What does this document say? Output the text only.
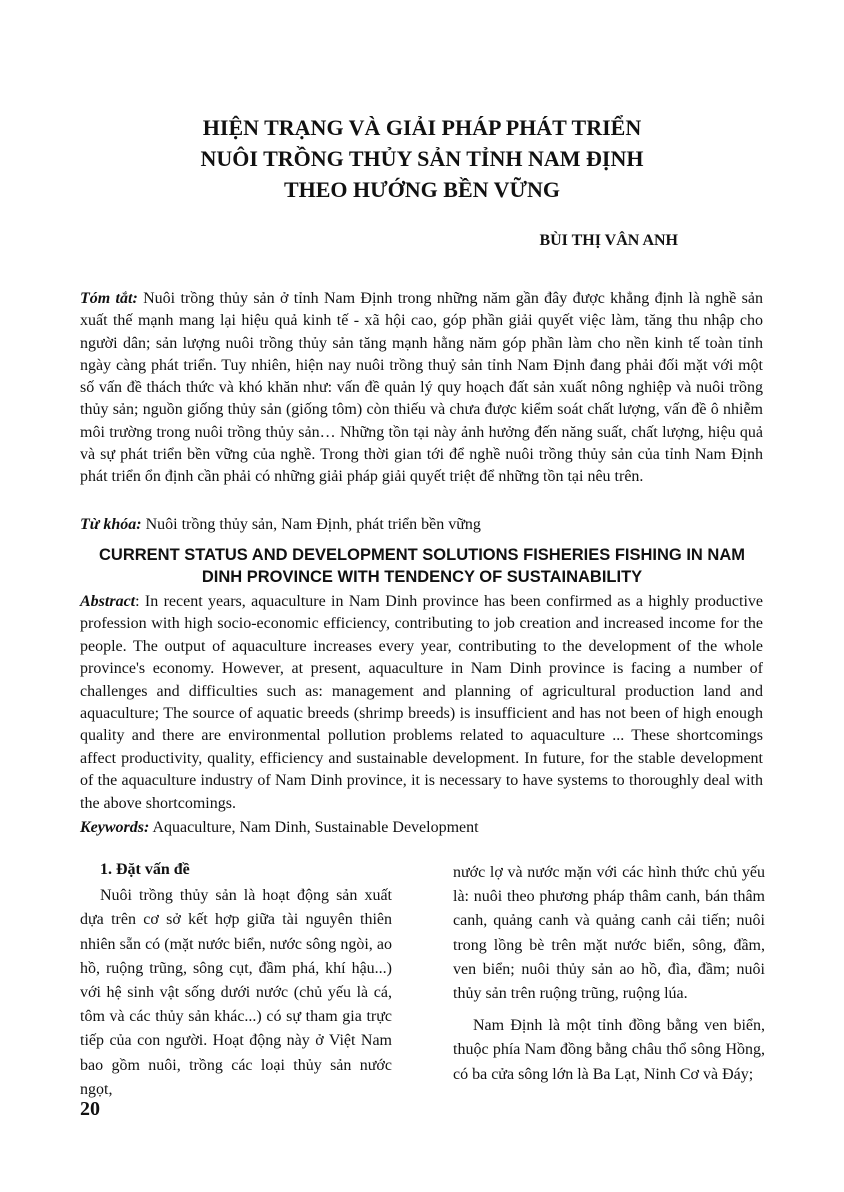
HIỆN TRẠNG VÀ GIẢI PHÁP PHÁT TRIỂN
NUÔI TRỒNG THỦY SẢN TỈNH NAM ĐỊNH
THEO HƯỚNG BỀN VỮNG

BÙI THỊ VÂN ANH

Tóm tắt: Nuôi trồng thủy sản ở tỉnh Nam Định trong những năm gần đây được khẳng định là nghề sản xuất thế mạnh mang lại hiệu quả kinh tế - xã hội cao, góp phần giải quyết việc làm, tăng thu nhập cho người dân; sản lượng nuôi trồng thủy sản tăng mạnh hằng năm góp phần làm cho nền kinh tế toàn tỉnh ngày càng phát triển. Tuy nhiên, hiện nay nuôi trồng thuỷ sản tỉnh Nam Định đang phải đối mặt với một số vấn đề thách thức và khó khăn như: vấn đề quản lý quy hoạch đất sản xuất nông nghiệp và nuôi trồng thủy sản; nguồn giống thủy sản (giống tôm) còn thiếu và chưa được kiểm soát chất lượng, vấn đề ô nhiễm môi trường trong nuôi trồng thủy sản… Những tồn tại này ảnh hưởng đến năng suất, chất lượng, hiệu quả và sự phát triển bền vững của nghề. Trong thời gian tới để nghề nuôi trồng thủy sản của tỉnh Nam Định phát triển ổn định cần phải có những giải pháp giải quyết triệt để những tồn tại nêu trên.

Từ khóa: Nuôi trồng thủy sản, Nam Định, phát triển bền vững

CURRENT STATUS AND DEVELOPMENT SOLUTIONS FISHERIES FISHING IN NAM
DINH PROVINCE WITH TENDENCY OF SUSTAINABILITY

Abstract: In recent years, aquaculture in Nam Dinh province has been confirmed as a highly productive profession with high socio-economic efficiency, contributing to job creation and increased income for the people. The output of aquaculture increases every year, contributing to the development of the whole province's economy. However, at present, aquaculture in Nam Dinh province is facing a number of challenges and difficulties such as: management and planning of agricultural production land and aquaculture; The source of aquatic breeds (shrimp breeds) is insufficient and has not been of high enough quality and there are environmental pollution problems related to aquaculture ... These shortcomings affect productivity, quality, efficiency and sustainable development. In future, for the stable development of the aquaculture industry of Nam Dinh province, it is necessary to have systems to thoroughly deal with the above shortcomings.

Keywords: Aquaculture, Nam Dinh, Sustainable Development

1. Đặt vấn đề

Nuôi trồng thủy sản là hoạt động sản xuất dựa trên cơ sở kết hợp giữa tài nguyên thiên nhiên sẵn có (mặt nước biển, nước sông ngòi, ao hồ, ruộng trũng, sông cụt, đầm phá, khí hậu...) với hệ sinh vật sống dưới nước (chủ yếu là cá, tôm và các thủy sản khác...) có sự tham gia trực tiếp của con người. Hoạt động này ở Việt Nam bao gồm nuôi, trồng các loại thủy sản nước ngọt,

nước lợ và nước mặn với các hình thức chủ yếu là: nuôi theo phương pháp thâm canh, bán thâm canh, quảng canh và quảng canh cải tiến; nuôi trong lồng bè trên mặt nước biển, sông, đầm, ven biển; nuôi thủy sản ao hồ, đìa, đầm; nuôi thủy sản trên ruộng trũng, ruộng lúa.

Nam Định là một tỉnh đồng bằng ven biển, thuộc phía Nam đồng bằng châu thổ sông Hồng, có ba cửa sông lớn là Ba Lạt, Ninh Cơ và Đáy;

20
